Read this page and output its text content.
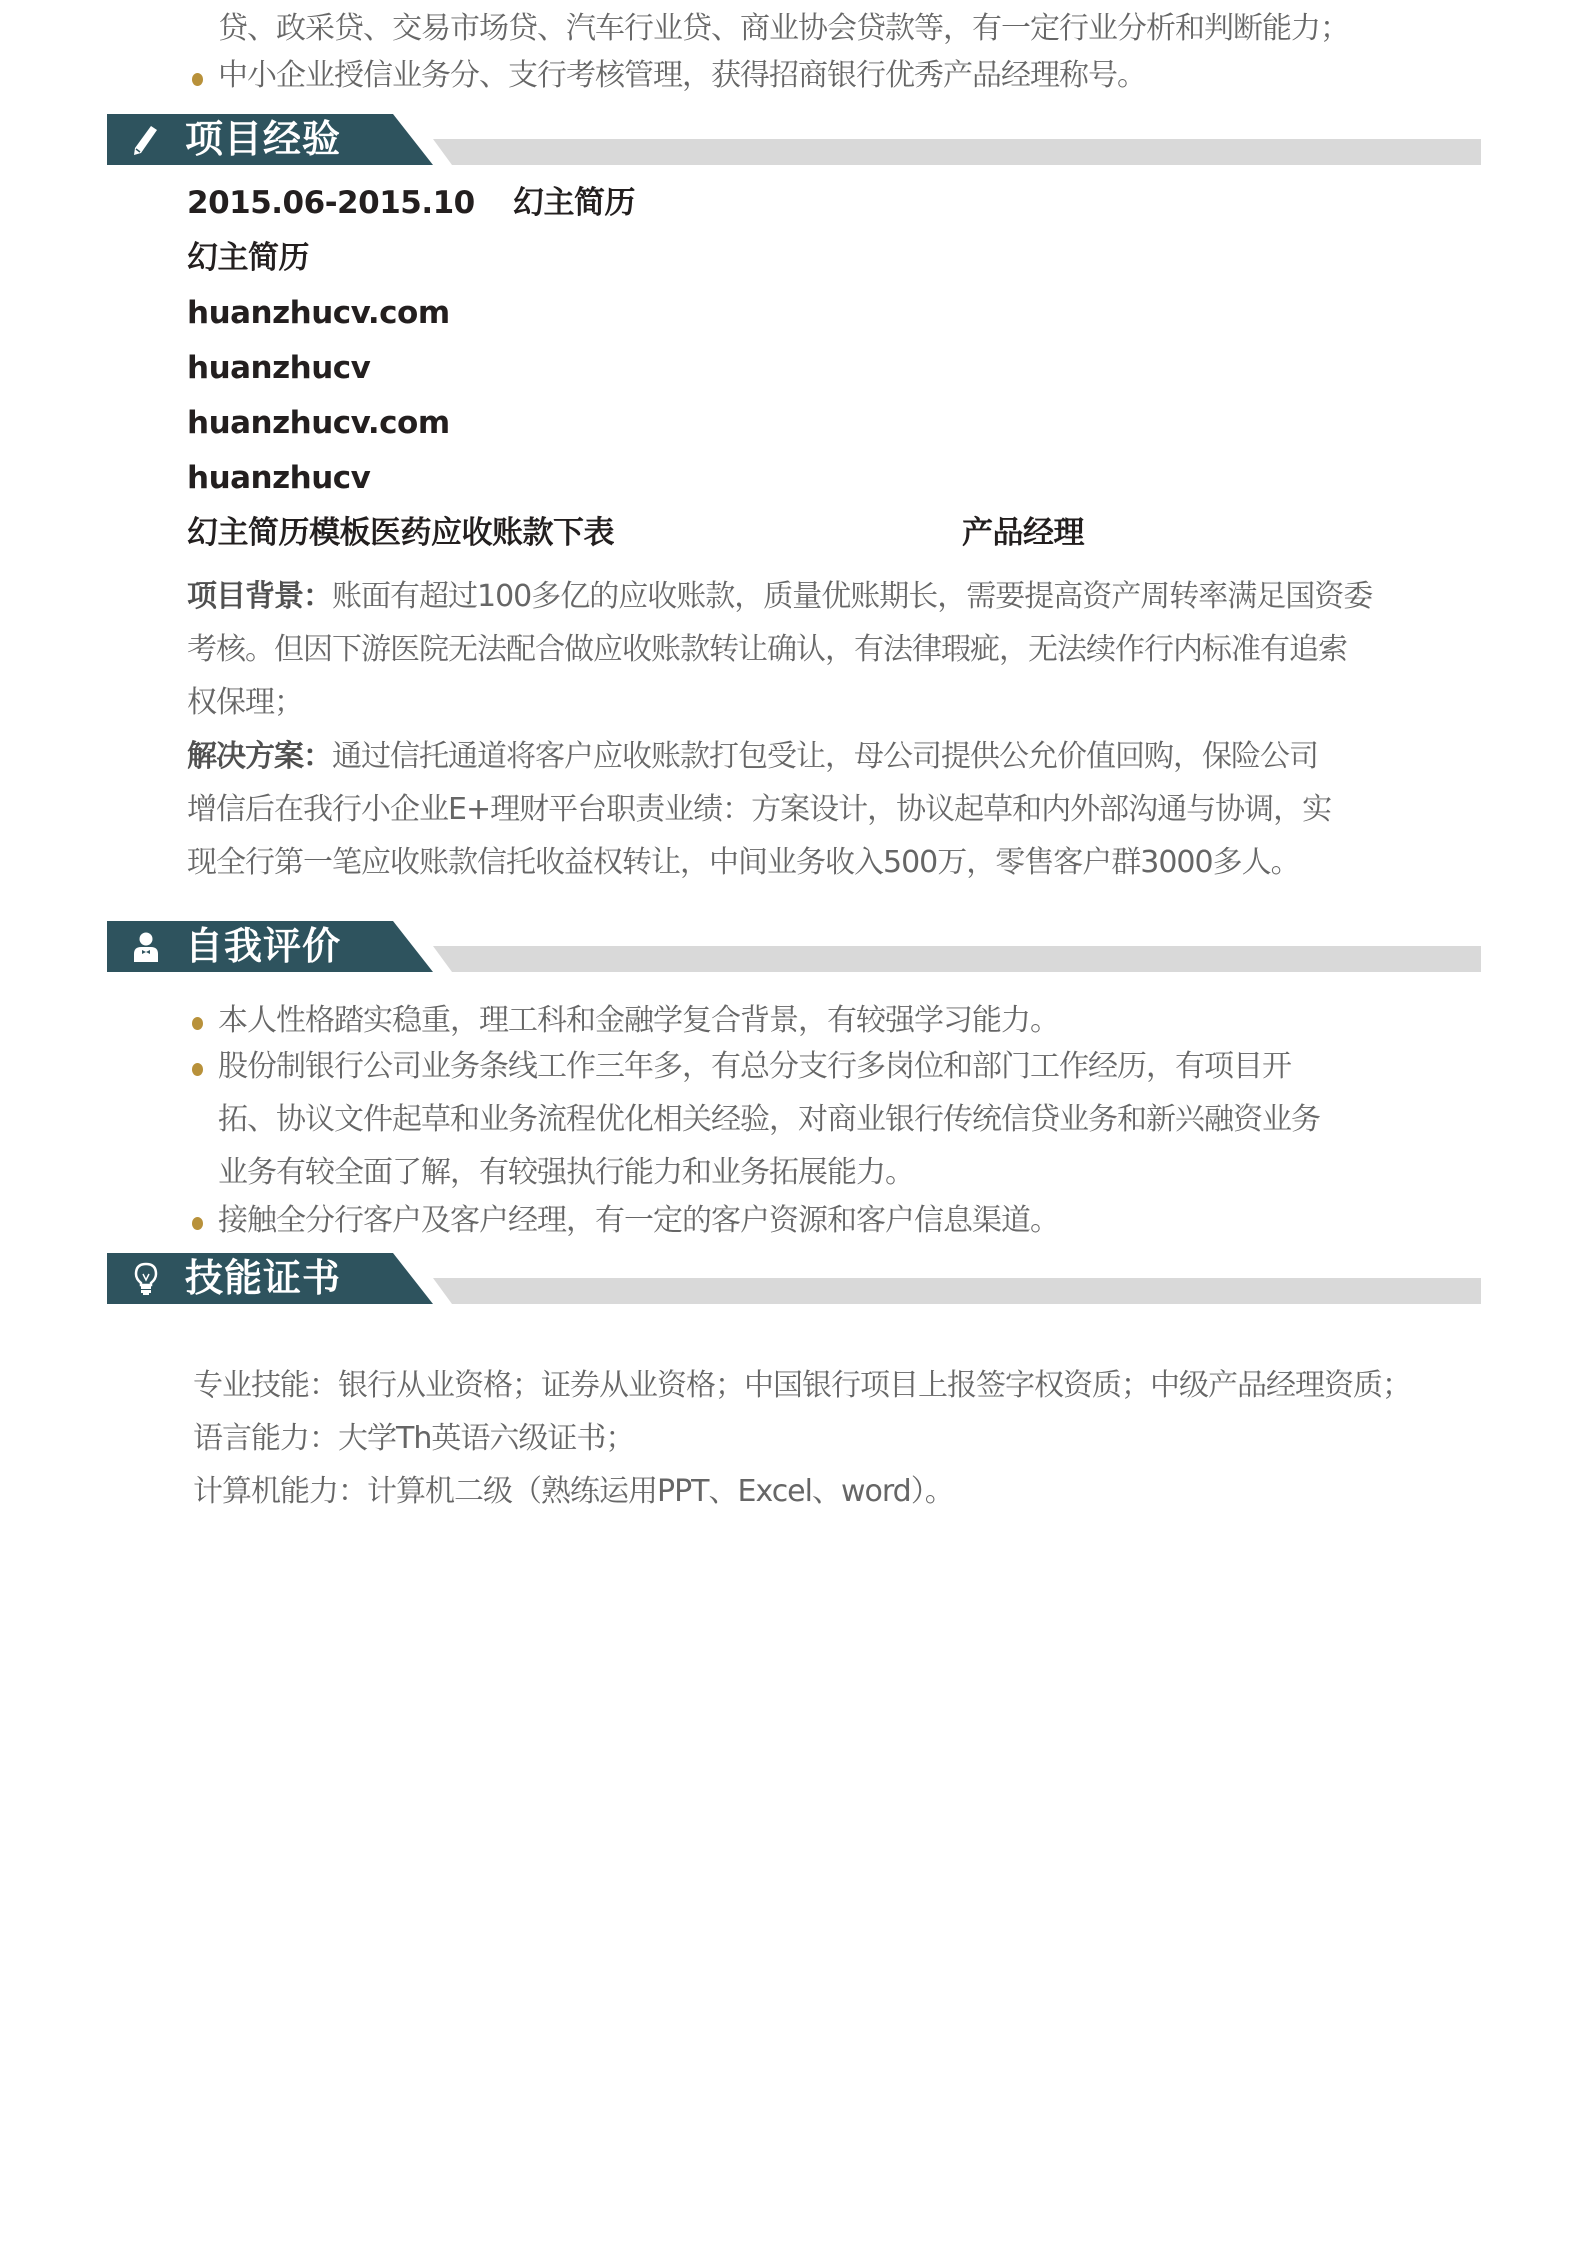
贷、政采贷、交易市场贷、汽车行业贷、商业协会贷款等，有一定行业分析和判断能力；
中小企业授信业务分、支行考核管理，获得招商银行优秀产品经理称号。
项目经验
2015.06-2015.10 幻主简历
幻主简历
huanzhucv.com
huanzhucv
huanzhucv.com
huanzhucv
幻主简历模板医药应收账款下表	产品经理
项目背景：账面有超过100多亿的应收账款，质量优账期长，需要提高资产周转率满足国资委
考核。但因下游医院无法配合做应收账款转让确认，有法律瑕疵，无法续作行内标准有追索
权保理；
解决方案：通过信托通道将客户应收账款打包受让，母公司提供公允价值回购，保险公司
增信后在我行小企业E+理财平台职责业绩：方案设计，协议起草和内外部沟通与协调，实
现全行第一笔应收账款信托收益权转让，中间业务收入500万，零售客户群3000多人。
自我评价
本人性格踏实稳重，理工科和金融学复合背景，有较强学习能力。
股份制银行公司业务条线工作三年多，有总分支行多岗位和部门工作经历，有项目开
拓、协议文件起草和业务流程优化相关经验，对商业银行传统信贷业务和新兴融资业务
业务有较全面了解，有较强执行能力和业务拓展能力。
接触全分行客户及客户经理，有一定的客户资源和客户信息渠道。
技能证书
专业技能：银行从业资格；证券从业资格；中国银行项目上报签字权资质；中级产品经理资质；
语言能力：大学Th英语六级证书；
计算机能力：计算机二级（熟练运用PPT、Excel、word）。
